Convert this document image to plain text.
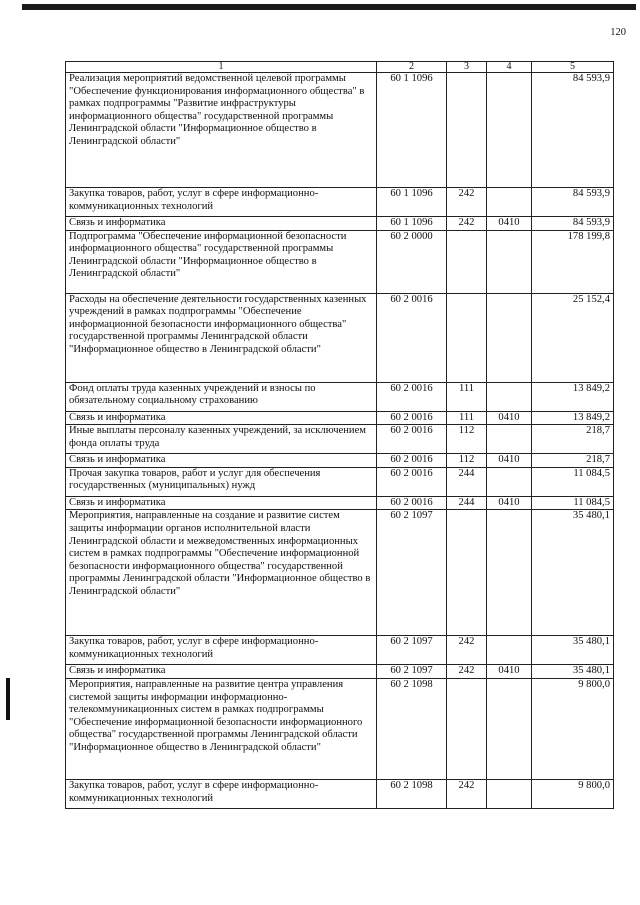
120
1	2	3	4	5
Реализация мероприятий ведомственной целевой программы "Обеспечение функционирования информационного общества" в рамках подпрограммы "Развитие инфраструктуры информационного общества" государственной программы Ленинградской области "Информационное общество в Ленинградской области"	60 1 1096			84 593,9
Закупка товаров, работ, услуг в сфере информационно-коммуникационных технологий	60 1 1096	242		84 593,9
Связь и информатика	60 1 1096	242	0410	84 593,9
Подпрограмма "Обеспечение информационной безопасности информационного общества" государственной программы Ленинградской области "Информационное общество в Ленинградской области"	60 2 0000			178 199,8
Расходы на обеспечение деятельности государственных казенных учреждений в рамках подпрограммы "Обеспечение информационной безопасности информационного общества" государственной программы Ленинградской области "Информационное общество в Ленинградской области"	60 2 0016			25 152,4
Фонд оплаты труда казенных учреждений и взносы по обязательному социальному страхованию	60 2 0016	111		13 849,2
Связь и информатика	60 2 0016	111	0410	13 849,2
Иные выплаты персоналу казенных учреждений, за исключением фонда оплаты труда	60 2 0016	112		218,7
Связь и информатика	60 2 0016	112	0410	218,7
Прочая закупка товаров, работ и услуг для обеспечения государственных (муниципальных) нужд	60 2 0016	244		11 084,5
Связь и информатика	60 2 0016	244	0410	11 084,5
Мероприятия, направленные на создание и развитие систем защиты информации органов исполнительной власти Ленинградской области и межведомственных информационных систем в рамках подпрограммы "Обеспечение информационной безопасности информационного общества" государственной программы Ленинградской области "Информационное общество в Ленинградской области"	60 2 1097			35 480,1
Закупка товаров, работ, услуг в сфере информационно-коммуникационных технологий	60 2 1097	242		35 480,1
Связь и информатика	60 2 1097	242	0410	35 480,1
Мероприятия, направленные на развитие центра управления системой защиты информации информационно-телекоммуникационных систем в рамках подпрограммы "Обеспечение информационной безопасности информационного общества" государственной программы Ленинградской области "Информационное общество в Ленинградской области"	60 2 1098			9 800,0
Закупка товаров, работ, услуг в сфере информационно-коммуникационных технологий	60 2 1098	242		9 800,0
